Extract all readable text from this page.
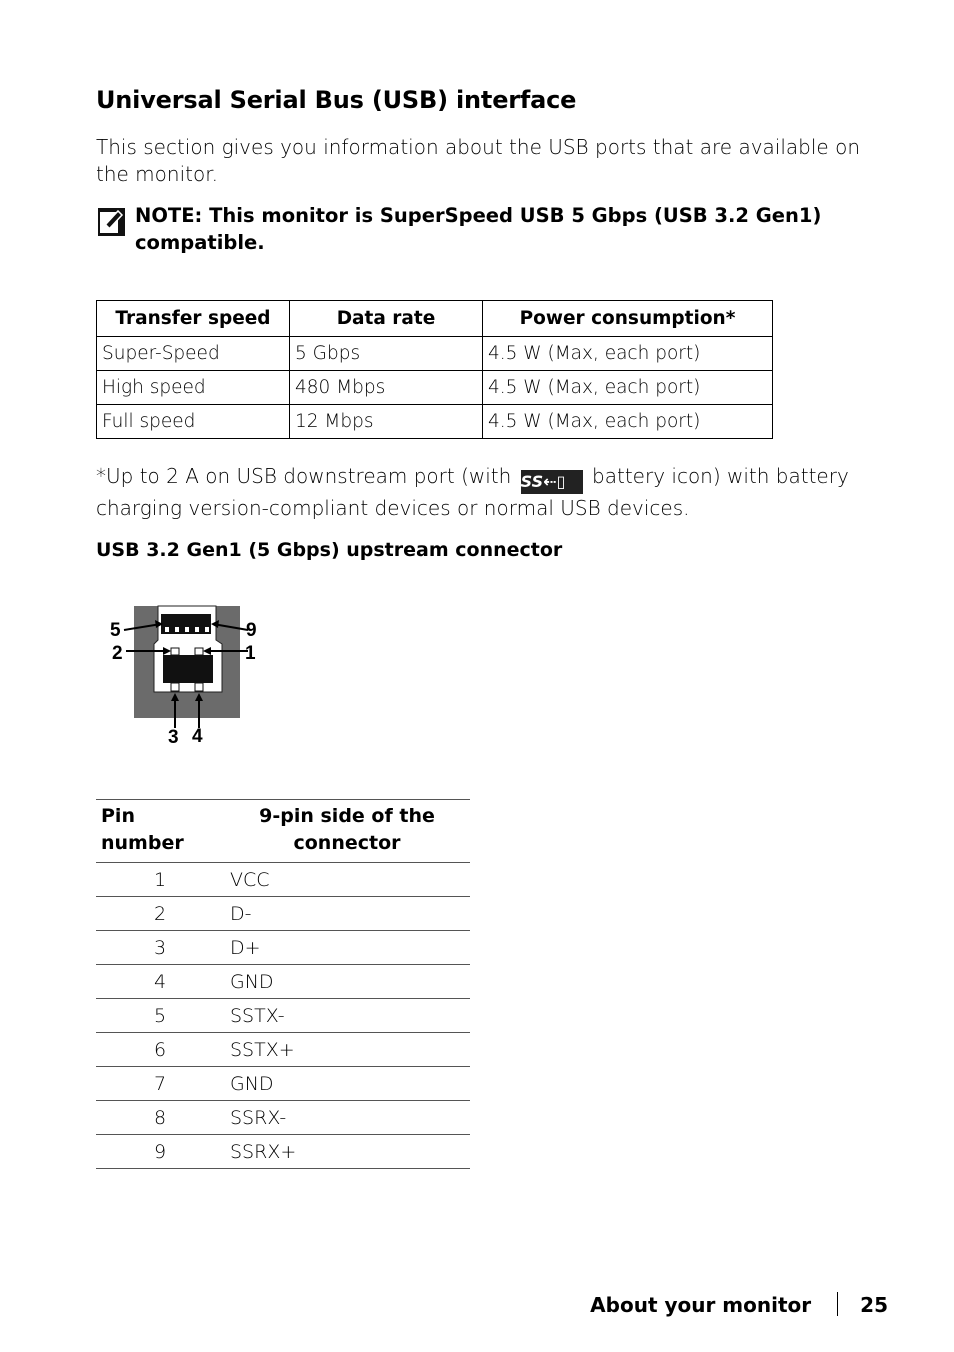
Universal Serial Bus (USB) interface

This section gives you information about the USB ports that are available on the monitor.

NOTE: This monitor is SuperSpeed USB 5 Gbps (USB 3.2 Gen1) compatible.

Transfer speed	Data rate	Power consumption*
Super-Speed	5 Gbps	4.5 W (Max, each port)
High speed	480 Mbps	4.5 W (Max, each port)
Full speed	12 Mbps	4.5 W (Max, each port)

*Up to 2 A on USB downstream port (with SS⇠▯ battery icon) with battery charging version-compliant devices or normal USB devices.

USB 3.2 Gen1 (5 Gbps) upstream connector
5	9
2	1
3 4
Pin number	9-pin side of the connector
1	VCC
2	D-
3	D+
4	GND
5	SSTX-
6	SSTX+
7	GND
8	SSRX-
9	SSRX+
About your monitor 25
